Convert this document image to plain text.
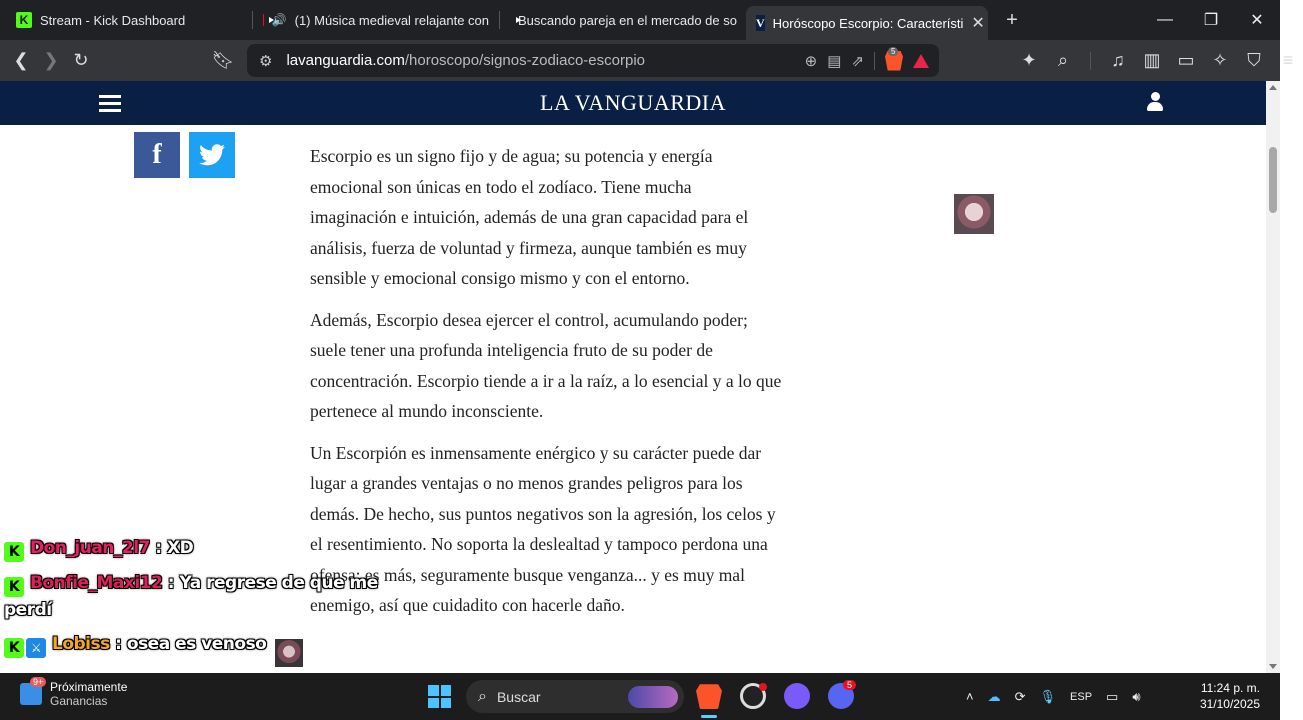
K Stream - Kick Dashboard	🔊 (1) Música medieval relajante con Buscando pareja en el mercado de so V Horóscopo Escorpio: Característi ✕	+	—	❐	✕
❮ ❯ ↻	🔖︎ ⚙︎ lavanguardia.com /horoscopo/signos-zodiaco-escorpio	⊕ ▤ ⇗
5	✦	⌕	♫	▥ ▭ ✧	⛉	≡
LA VANGUARDIA
f	Escorpio es un signo fijo y de agua; su potencia y energía emocional son únicas en todo el zodíaco. Tiene mucha imaginación e intuición, además de una gran capacidad para el análisis, fuerza de voluntad y firmeza, aunque también es muy sensible y emocional consigo mismo y con el entorno.

Además, Escorpio desea ejercer el control, acumulando poder; suele tener una profunda inteligencia fruto de su poder de concentración. Escorpio tiende a ir a la raíz, a lo esencial y a lo que pertenece al mundo inconsciente.

Un Escorpión es inmensamente enérgico y su carácter puede dar lugar a grandes ventajas o no menos grandes peligros para los demás. De hecho, sus puntos negativos son la agresión, los celos y el resentimiento. No soporta la deslealtad y tampoco perdona una ofensa; es más, seguramente busque venganza... y es muy mal enemigo, así que cuidadito con hacerle daño.

K Don_juan_2l7 : XD
K Bonfie_Maxi12 : Ya regrese de que me perdí
K ⚔ Lobiss : osea es venoso
9+ Próximamente
Ganancias	⌕ Buscar
5
˄ ☁ ⟳ 🎙︎ ESP ▭ 🔊︎
11:24 p. m.
31/10/2025
